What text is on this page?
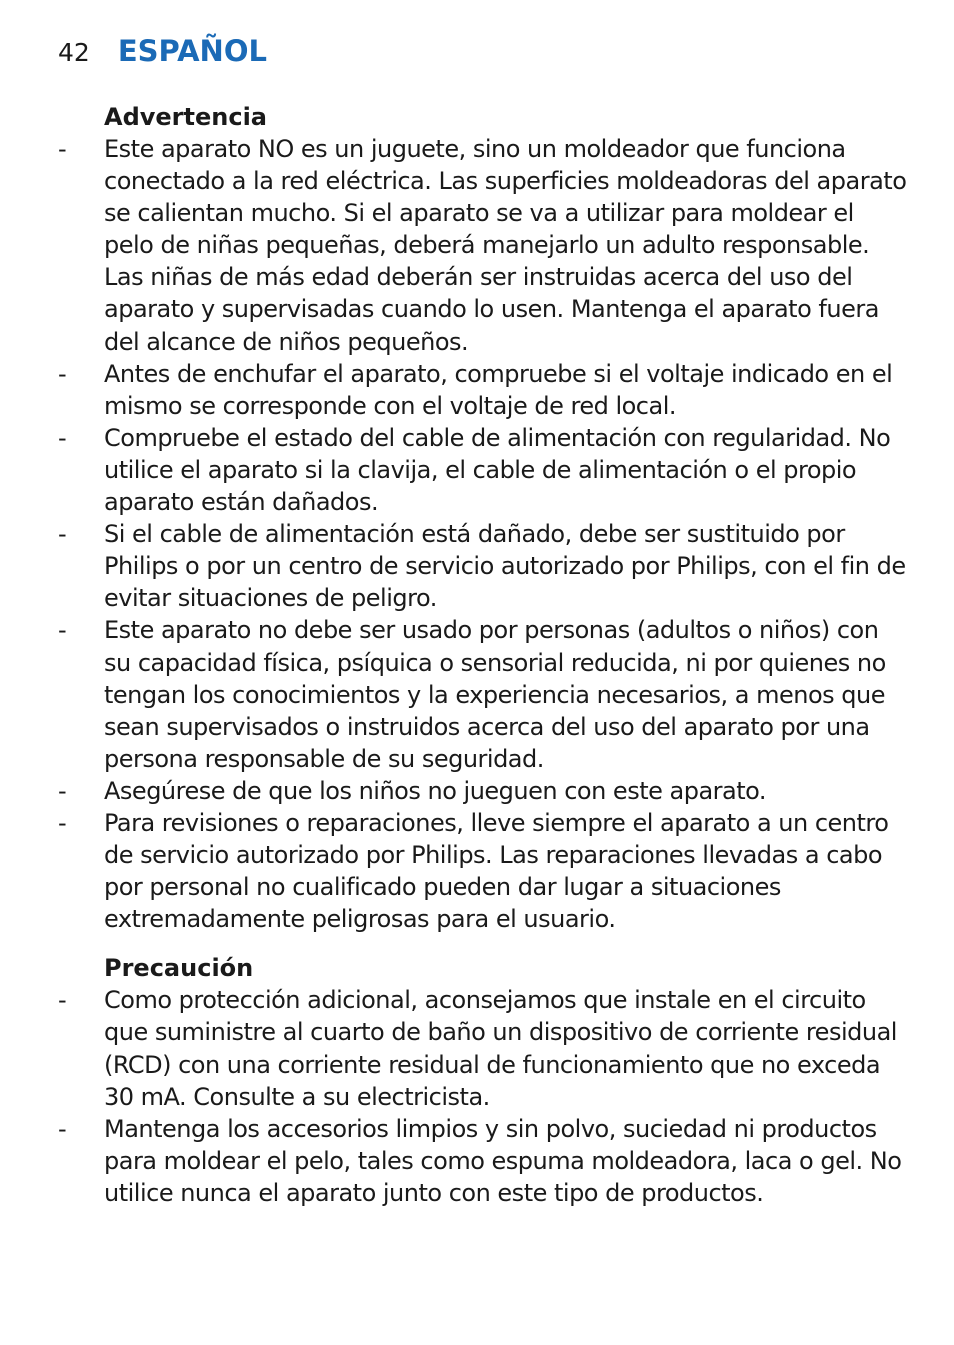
42 ESPAÑOL
Advertencia
-	Este aparato NO es un juguete, sino un moldeador que funciona conectado a la red eléctrica. Las superficies moldeadoras del aparato se calientan mucho. Si el aparato se va a utilizar para moldear el pelo de niñas pequeñas, deberá manejarlo un adulto responsable. Las niñas de más edad deberán ser instruidas acerca del uso del aparato y supervisadas cuando lo usen. Mantenga el aparato fuera del alcance de niños pequeños.
-	Antes de enchufar el aparato, compruebe si el voltaje indicado en el mismo se corresponde con el voltaje de red local.
-	Compruebe el estado del cable de alimentación con regularidad. No utilice el aparato si la clavija, el cable de alimentación o el propio aparato están dañados.
-	Si el cable de alimentación está dañado, debe ser sustituido por Philips o por un centro de servicio autorizado por Philips, con el fin de evitar situaciones de peligro.
-	Este aparato no debe ser usado por personas (adultos o niños) con su capacidad física, psíquica o sensorial reducida, ni por quienes no tengan los conocimientos y la experiencia necesarios, a menos que sean supervisados o instruidos acerca del uso del aparato por una persona responsable de su seguridad.
-	Asegúrese de que los niños no jueguen con este aparato.
-	Para revisiones o reparaciones, lleve siempre el aparato a un centro de servicio autorizado por Philips. Las reparaciones llevadas a cabo por personal no cualificado pueden dar lugar a situaciones extremadamente peligrosas para el usuario.
Precaución
-	Como protección adicional, aconsejamos que instale en el circuito que suministre al cuarto de baño un dispositivo de corriente residual (RCD) con una corriente residual de funcionamiento que no exceda 30 mA. Consulte a su electricista.
-	Mantenga los accesorios limpios y sin polvo, suciedad ni productos para moldear el pelo, tales como espuma moldeadora, laca o gel. No utilice nunca el aparato junto con este tipo de productos.
